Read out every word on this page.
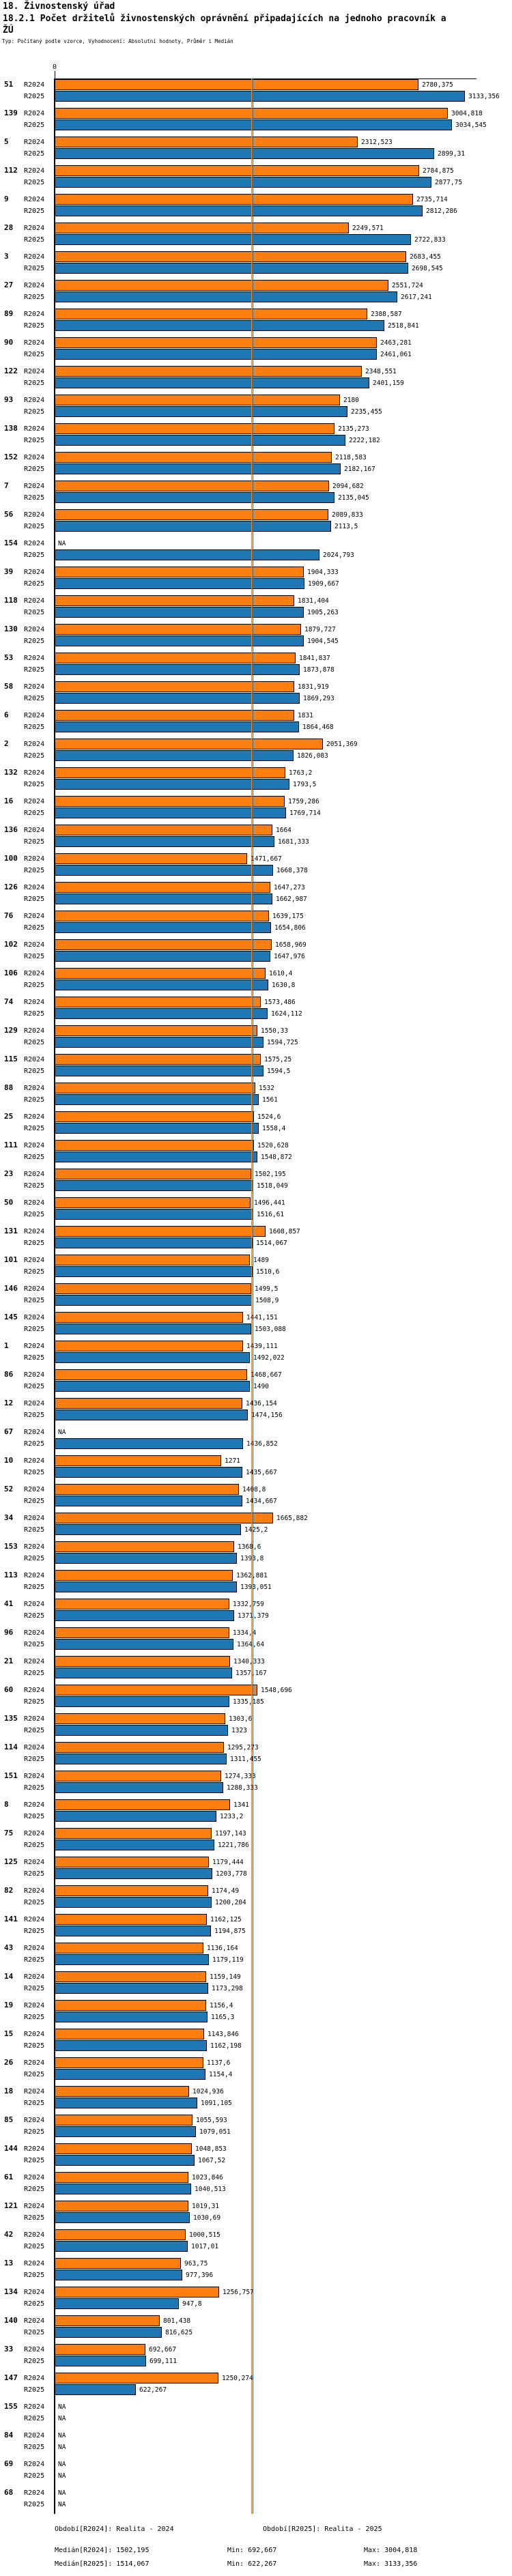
18. Živnostenský úřad
18.2.1 Počet držitelů živnostenských oprávnění připadajících na jednoho pracovník a ŽÚ
Typ: Počítaný podle vzorce, Vyhodnocení: Absolutní hodnoty, Průměr i Medián
0
51	R2024	2780,375
R2025	3133,356
139 R2024	3004,818
R2025	3034,545
5	R2024	2312,523
R2025	2899,31
112 R2024	2784,875
R2025	2877,75
9	R2024	2735,714
R2025	2812,286
28	R2024	2249,571
R2025	2722,833
3	R2024	2683,455
R2025	2698,545
27	R2024	2551,724
R2025	2617,241
89	R2024	2388,587
R2025	2518,841
90	R2024	2463,281
R2025	2461,061
122 R2024	2348,551
R2025	2401,159
93	R2024	2180
R2025	2235,455
138 R2024	2135,273
R2025	2222,182
152 R2024	2118,583
R2025	2182,167
7	R2024	2094,682
R2025	2135,045
56	R2024	2089,833
R2025	2113,5
154 R2024 NA
R2025	2024,793
39	R2024	1904,333
R2025	1909,667
118 R2024	1831,404
R2025	1905,263
130 R2024	1879,727
R2025	1904,545
53	R2024	1841,837
R2025	1873,878
58	R2024	1831,919
R2025	1869,293
6	R2024	1831
R2025	1864,468
2	R2024	2051,369
R2025	1826,083
132 R2024	1763,2
R2025	1793,5
16	R2024	1759,286
R2025	1769,714
136 R2024	1664
R2025	1681,333
100 R2024	1471,667
R2025	1668,378
126 R2024	1647,273
R2025	1662,987
76	R2024	1639,175
R2025	1654,806
102 R2024	1658,969
R2025	1647,976
106 R2024	1610,4
R2025	1630,8
74	R2024	1573,486
R2025	1624,112
129 R2024	1550,33
R2025	1594,725
115 R2024	1575,25
R2025	1594,5
88	R2024	1532
R2025	1561
25	R2024	1524,6
R2025	1558,4
111 R2024	1520,628
R2025	1548,872
23	R2024	1502,195
R2025	1518,049
50	R2024	1496,441
R2025	1516,61
131 R2024	1608,857
R2025	1514,067
101 R2024	1489
R2025	1510,6
146 R2024	1499,5
R2025	1508,9
145 R2024	1441,151
R2025	1503,088
1	R2024	1439,111
R2025	1492,022
86	R2024	1468,667
R2025	1490
12	R2024	1436,154
R2025	1474,156
67	R2024 NA
R2025	1436,852
10	R2024	1271
R2025	1435,667
52	R2024	1408,8
R2025	1434,667
34	R2024	1665,882
R2025	1425,2
153 R2024	1368,6
R2025	1393,8
113 R2024	1362,881
R2025	1393,051
41	R2024	1332,759
R2025	1371,379
96	R2024	1334,4
R2025	1364,64
21	R2024	1340,333
R2025	1357,167
60	R2024	1548,696
R2025	1335,185
135 R2024	1303,6
R2025	1323
114 R2024	1295,273
R2025	1311,455
151 R2024	1274,333
R2025	1288,333
8	R2024	1341
R2025	1233,2
75	R2024	1197,143
R2025	1221,786
125 R2024	1179,444
R2025	1203,778
82	R2024	1174,49
R2025	1200,204
141 R2024	1162,125
R2025	1194,875
43	R2024	1136,164
R2025	1179,119
14	R2024	1159,149
R2025	1173,298
19	R2024	1156,4
R2025	1165,3
15	R2024	1143,846
R2025	1162,198
26	R2024	1137,6
R2025	1154,4
18	R2024	1024,936
R2025	1091,105
85	R2024	1055,593
R2025	1079,051
144 R2024	1048,853
R2025	1067,52
61	R2024	1023,846
R2025	1040,513
121 R2024	1019,31
R2025	1030,69
42	R2024	1000,515
R2025	1017,01
13	R2024	963,75
R2025	977,396
134 R2024	1256,757
R2025	947,8
140 R2024	801,438
R2025	816,625
33	R2024	692,667
R2025	699,111
147 R2024	1250,274
R2025	622,267
155 R2024 NA
R2025 NA
84	R2024 NA
R2025 NA
69	R2024 NA
R2025 NA
68	R2024 NA
R2025 NA
Období[R2024]: Realita - 2024	Období[R2025]: Realita - 2025
Medián[R2024]: 1502,195	Min: 692,667	Max: 3004,818
Medián[R2025]: 1514,067	Min: 622,267	Max: 3133,356
